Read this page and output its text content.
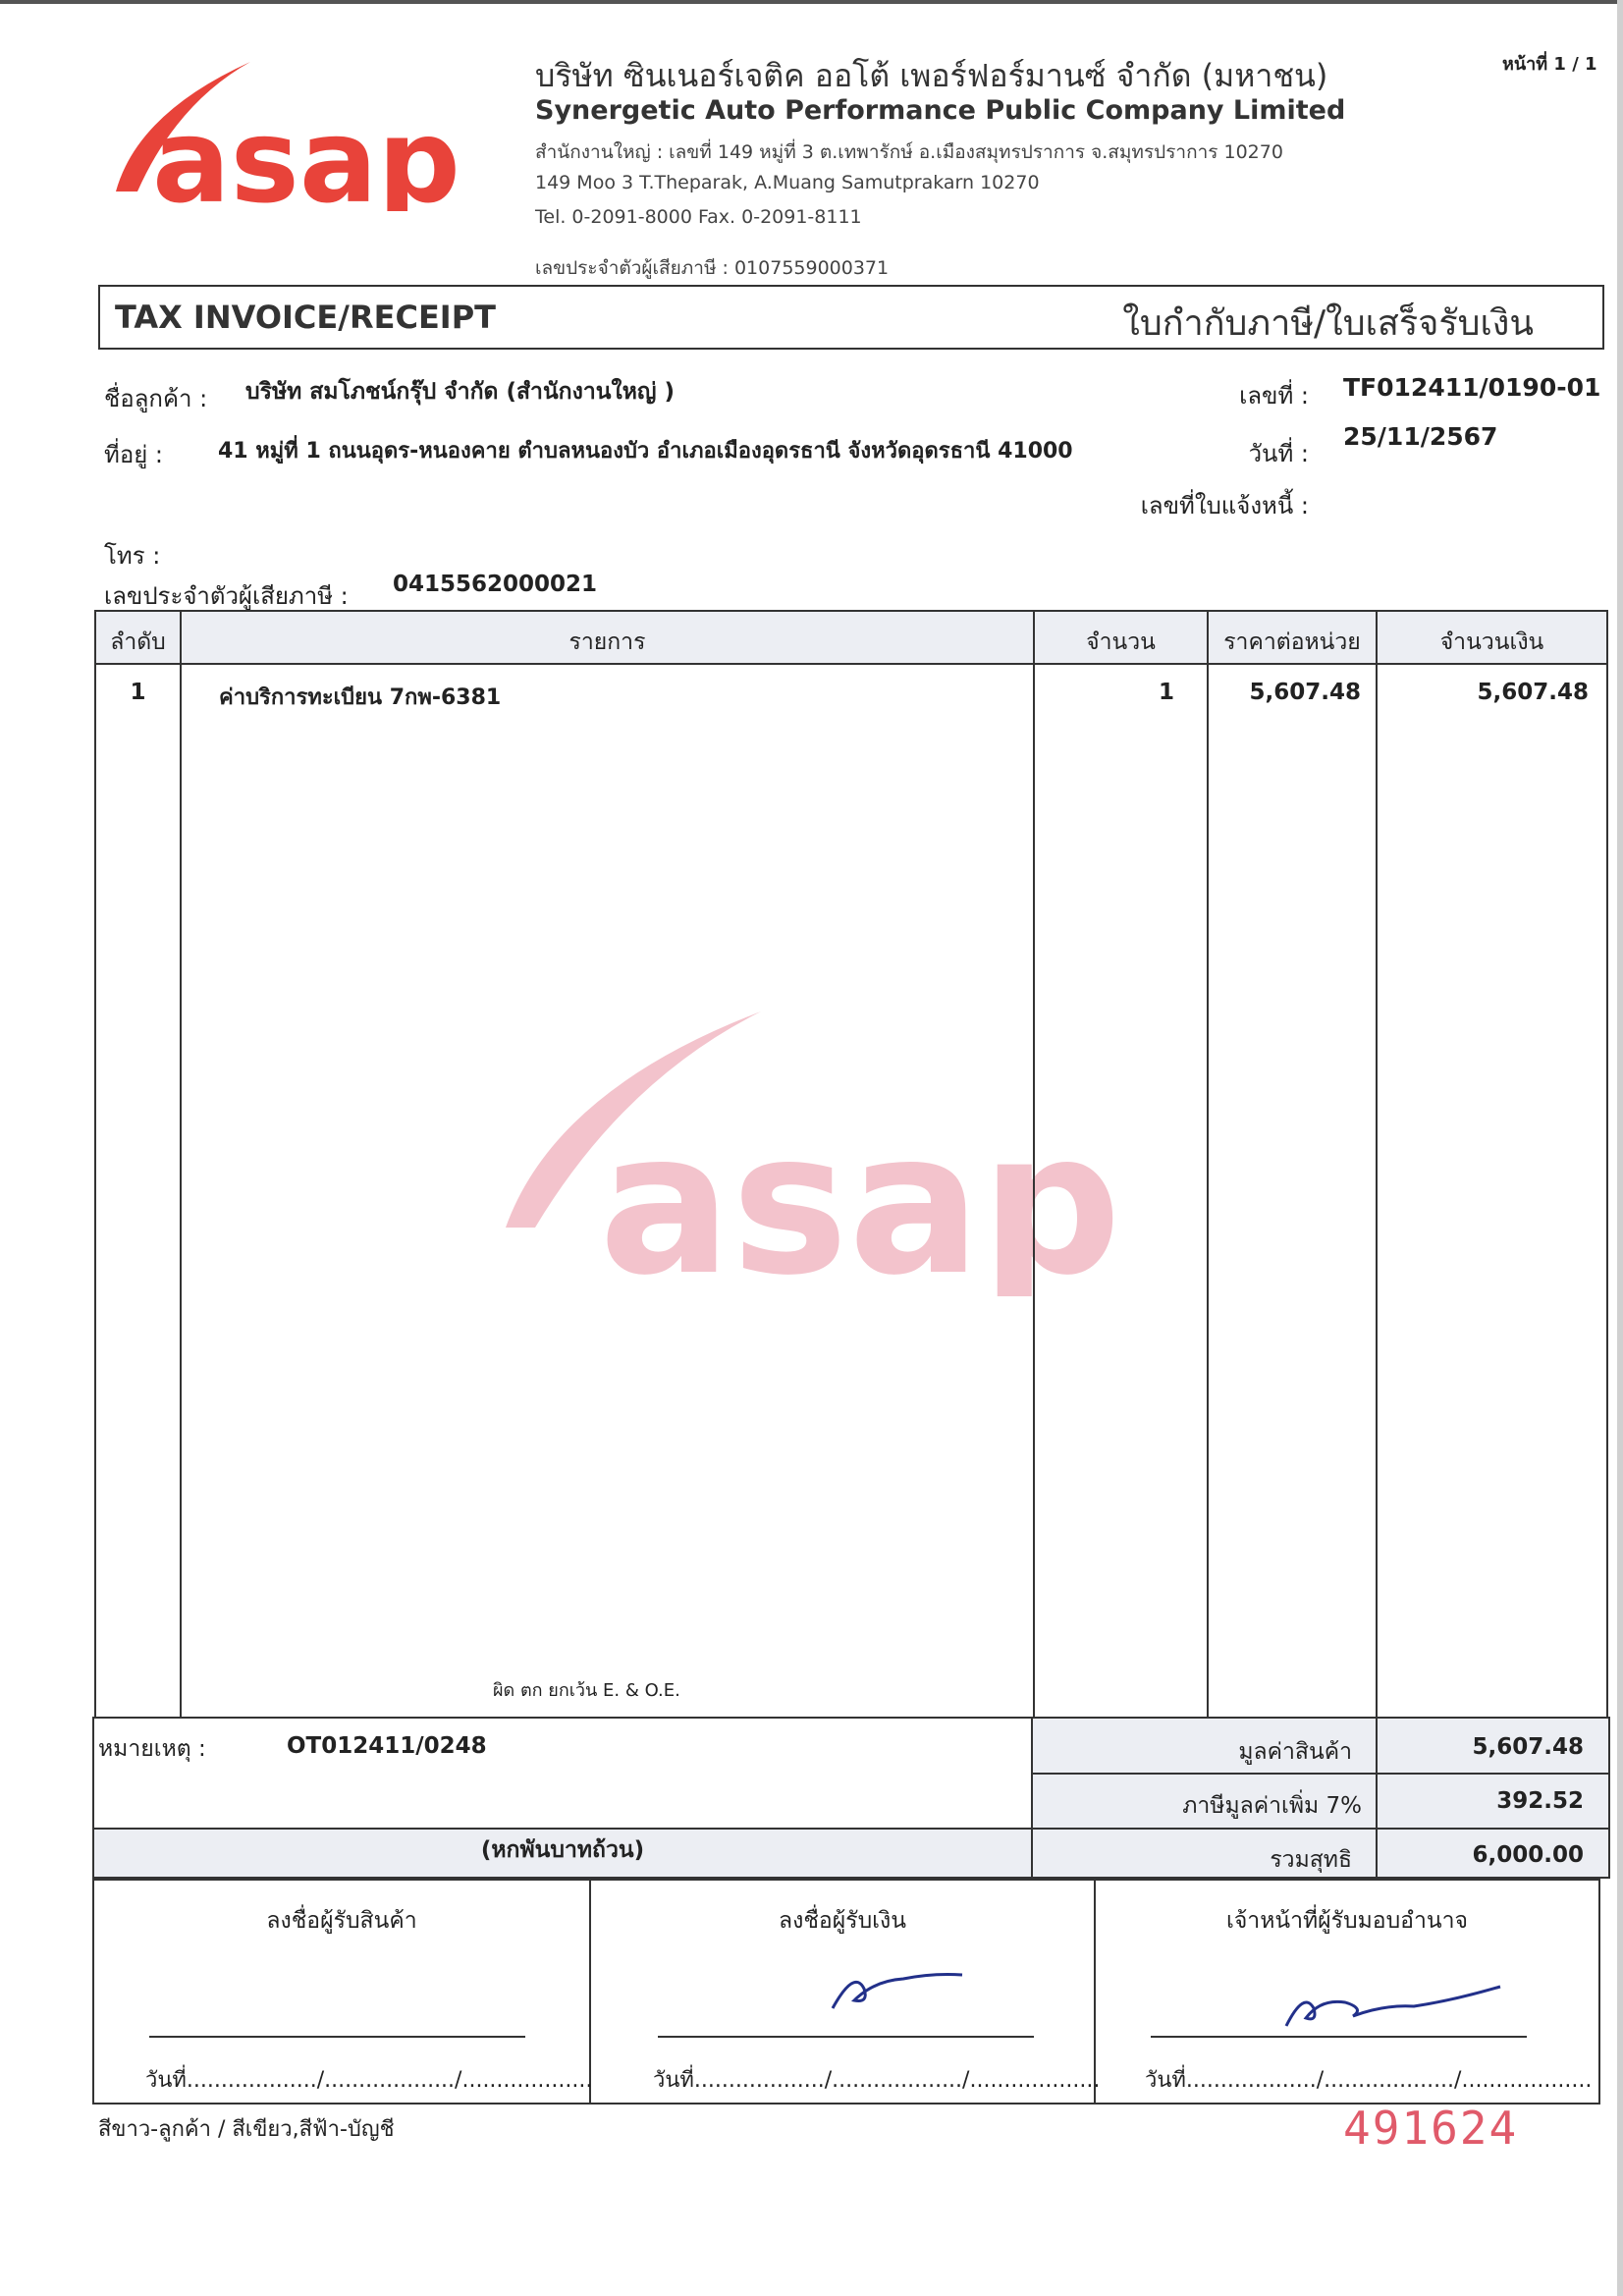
หน้าที่ 1 / 1
asap
บริษัท ซินเนอร์เจติค ออโต้ เพอร์ฟอร์มานซ์ จำกัด (มหาชน)
Synergetic Auto Performance Public Company Limited
สำนักงานใหญ่ : เลขที่ 149 หมู่ที่ 3 ต.เทพารักษ์ อ.เมืองสมุทรปราการ จ.สมุทรปราการ 10270
149 Moo 3 T.Theparak, A.Muang Samutprakarn 10270
Tel. 0-2091-8000 Fax. 0-2091-8111
เลขประจำตัวผู้เสียภาษี : 0107559000371
TAX INVOICE/RECEIPT	ใบกำกับภาษี/ใบเสร็จรับเงิน
ชื่อลูกค้า : บริษัท สมโภชน์กรุ๊ป จำกัด (สำนักงานใหญ่ )
ที่อยู่ :	41 หมู่ที่ 1 ถนนอุดร-หนองคาย ตำบลหนองบัว อำเภอเมืองอุดรธานี จังหวัดอุดรธานี 41000
โทร :
เลขประจำตัวผู้เสียภาษี : 0415562000021
เลขที่ : TF012411/0190-01
วันที่ :
25/11/2567
เลขที่ใบแจ้งหนี้ :
asap
ลำดับ	รายการ	จำนวน	ราคาต่อหน่วย	จำนวนเงิน
1	ค่าบริการทะเบียน 7กพ-6381	1	5,607.48	5,607.48
ผิด ตก ยกเว้น E. & O.E.
หมายเหตุ :	OT012411/0248
(หกพันบาทถ้วน)
มูลค่าสินค้า	5,607.48
ภาษีมูลค่าเพิ่ม 7%	392.52
รวมสุทธิ	6,000.00
ลงชื่อผู้รับสินค้า
วันที่.................../.................../...................
ลงชื่อผู้รับเงิน
วันที่.................../.................../...................
เจ้าหน้าที่ผู้รับมอบอำนาจ
วันที่.................../.................../...................
สีขาว-ลูกค้า / สีเขียว,สีฟ้า-บัญชี	491624
